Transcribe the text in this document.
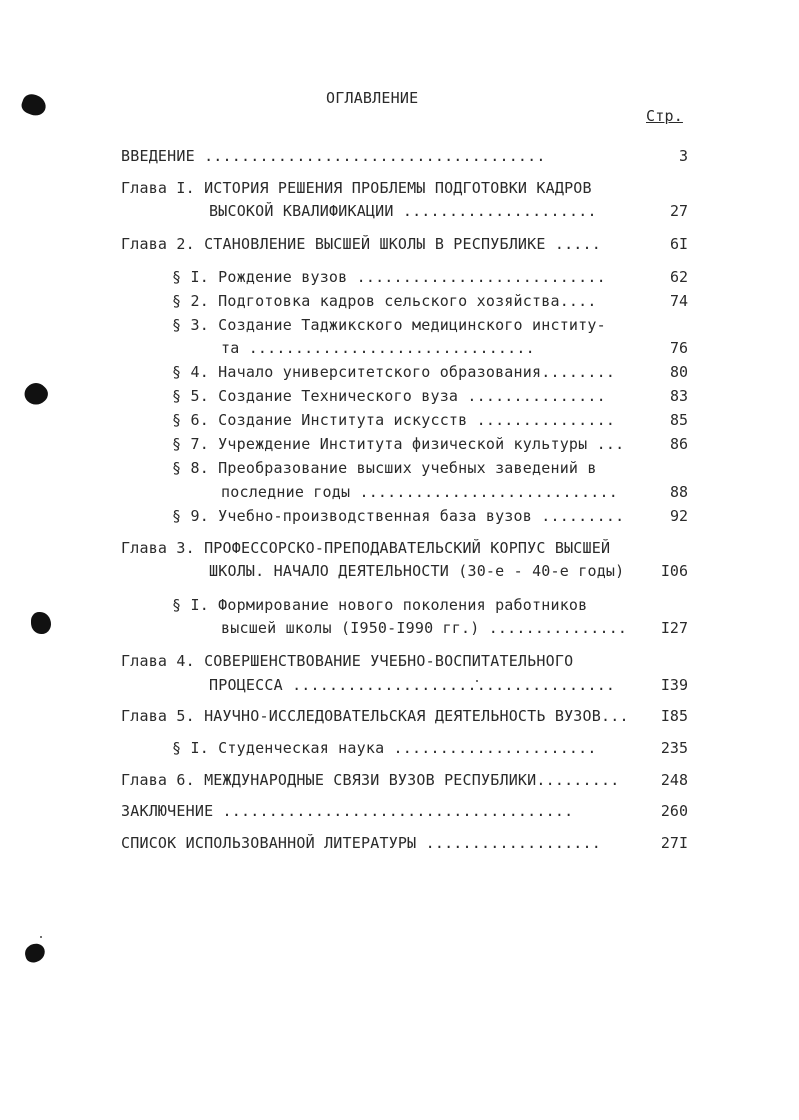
ОГЛАВЛЕНИЕ
Стр.
ВВЕДЕНИЕ .....................................	3
Глава I. ИСТОРИЯ РЕШЕНИЯ ПРОБЛЕМЫ ПОДГОТОВКИ КАДРОВ
ВЫСОКОЙ КВАЛИФИКАЦИИ .....................	27
Глава 2. СТАНОВЛЕНИЕ ВЫСШЕЙ ШКОЛЫ В РЕСПУБЛИКЕ .....	6I
§ I. Рождение вузов ...........................	62
§ 2. Подготовка кадров сельского хозяйства....	74
§ 3. Создание Таджикского медицинского институ-
та ...............................	76
§ 4. Начало университетского образования........	80
§ 5. Создание Технического вуза ...............	83
§ 6. Создание Института искусств ...............	85
§ 7. Учреждение Института физической культуры ...	86
§ 8. Преобразование высших учебных заведений в
последние годы ............................	88
§ 9. Учебно-производственная база вузов .........	92
Глава 3. ПРОФЕССОРСКО-ПРЕПОДАВАТЕЛЬСКИЙ КОРПУС ВЫСШЕЙ
ШКОЛЫ. НАЧАЛО ДЕЯТЕЛЬНОСТИ (30-е - 40-е годы)	I06
§ I. Формирование нового поколения работников
высшей школы (I950-I990 гг.) ...............	I27
Глава 4. СОВЕРШЕНСТВОВАНИЕ УЧЕБНО-ВОСПИТАТЕЛЬНОГО
ПРОЦЕССА ...................................	I39
Глава 5. НАУЧНО-ИССЛЕДОВАТЕЛЬСКАЯ ДЕЯТЕЛЬНОСТЬ ВУЗОВ...	I85
§ I. Студенческая наука ......................	235
Глава 6. МЕЖДУНАРОДНЫЕ СВЯЗИ ВУЗОВ РЕСПУБЛИКИ.........	248
ЗАКЛЮЧЕНИЕ ......................................	260
СПИСОК ИСПОЛЬЗОВАННОЙ ЛИТЕРАТУРЫ ...................	27I
